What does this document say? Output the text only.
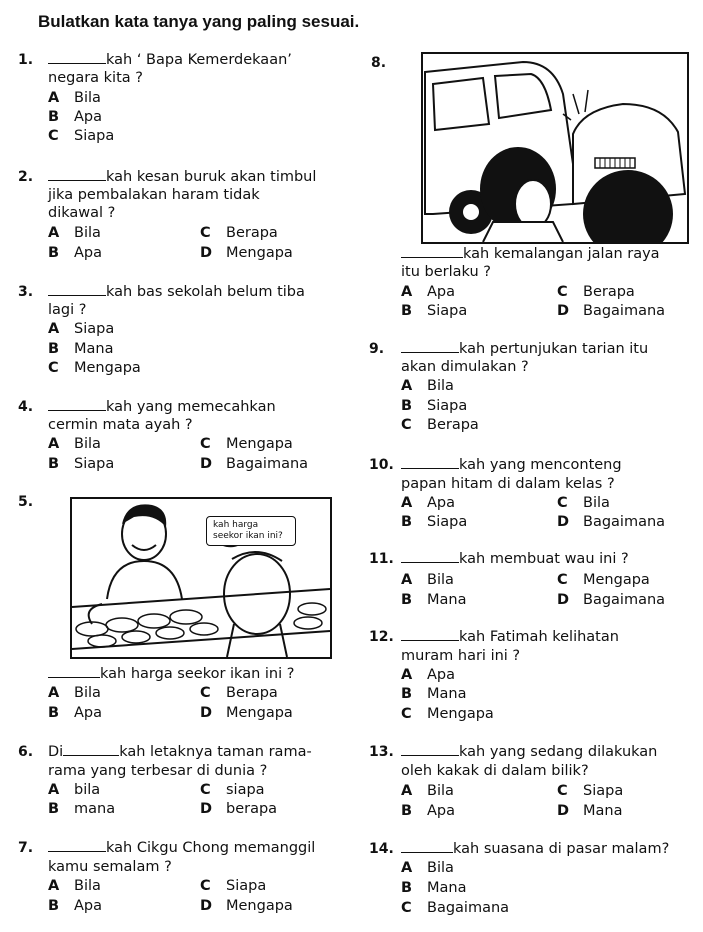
Bulatkan kata tanya yang paling sesuai.
1.	kah ‘ Bapa Kemerdekaan’
negara kita ?
A Bila
B Apa
C Siapa
2.	kah kesan buruk akan timbul
jika pembalakan haram tidak
dikawal ?
A Bila	C Berapa
B Apa	D Mengapa
3.	kah bas sekolah belum tiba
lagi ?
A Siapa
B Mana
C Mengapa
4.	kah yang memecahkan
cermin mata ayah ?
A Bila	C Mengapa
B Siapa	D Bagaimana
5.
kah harga seekor ikan ini?
kah harga seekor ikan ini ?
A Bila	C Berapa
B Apa	D Mengapa
6. Di	kah letaknya taman rama-
rama yang terbesar di dunia ?
A bila	C siapa
B mana	D berapa
7.	kah Cikgu Chong memanggil
kamu semalam ?
A Bila	C Siapa
B Apa	D Mengapa
8.
kah kemalangan jalan raya
itu berlaku ?
A Apa	C Berapa
B Siapa	D Bagaimana
9.	kah pertunjukan tarian itu
akan dimulakan ?
A Bila
B Siapa
C Berapa
10.	kah yang menconteng
papan hitam di dalam kelas ?
A Apa	C Bila
B Siapa	D Bagaimana
11.	kah membuat wau ini ?
A Bila	C Mengapa
B Mana	D Bagaimana
12.	kah Fatimah kelihatan
muram hari ini ?
A Apa
B Mana
C Mengapa
13.	kah yang sedang dilakukan
oleh kakak di dalam bilik?
A Bila	C Siapa
B Apa	D Mana
14.	kah suasana di pasar malam?
A Bila
B Mana
C Bagaimana
